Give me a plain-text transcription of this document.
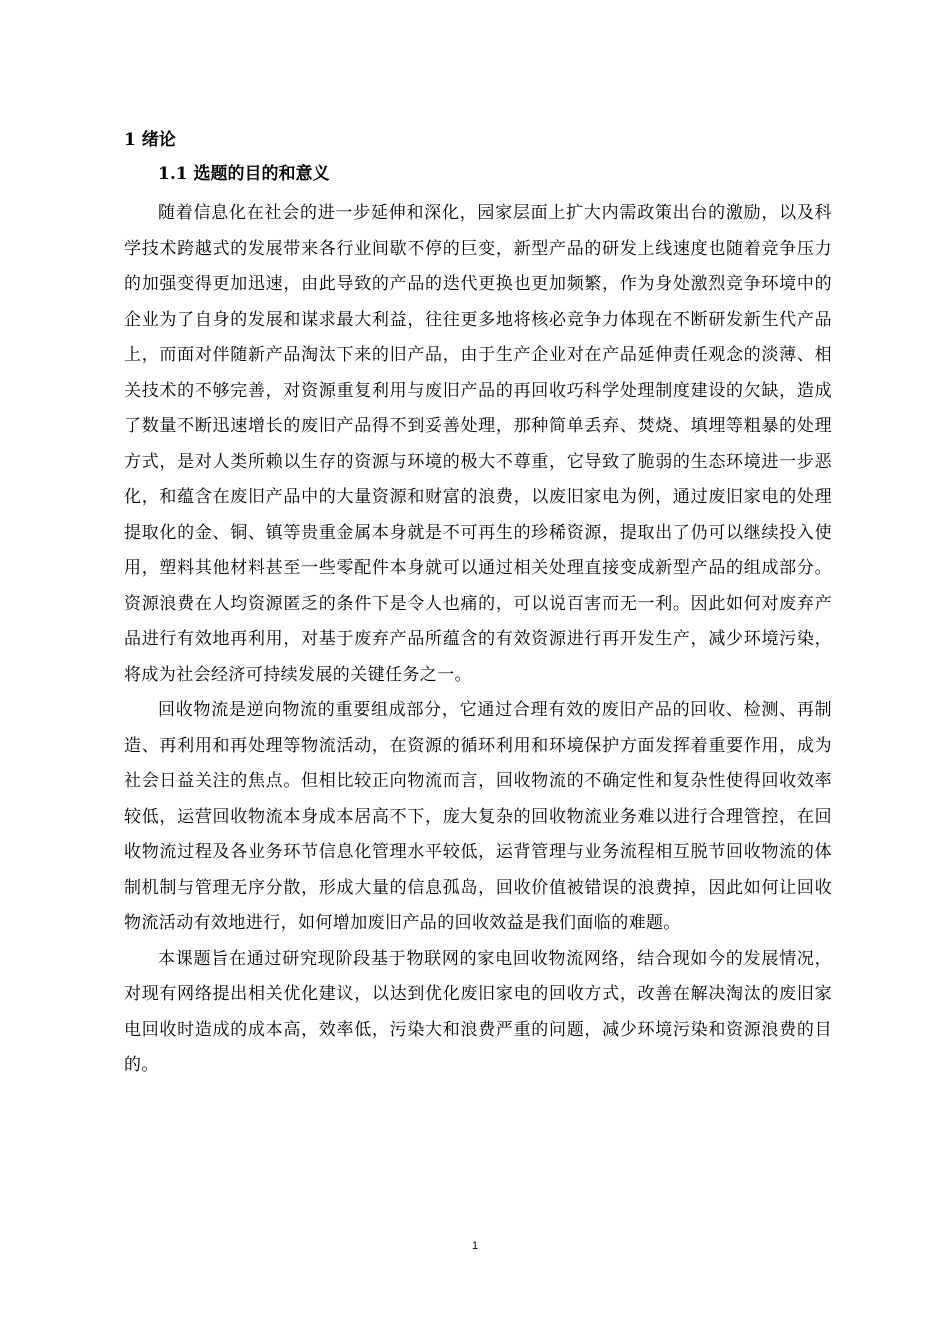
1 绪论
1.1 选题的目的和意义

随着信息化在社会的进一步延伸和深化，园家层面上扩大内需政策出台的激励，以及科学技术跨越式的发展带来各行业间歇不停的巨变，新型产品的研发上线速度也随着竞争压力的加强变得更加迅速，由此导致的产品的迭代更换也更加频繁，作为身处激烈竞争环境中的企业为了自身的发展和谋求最大利益，往往更多地将核必竞争力体现在不断研发新生代产品上，而面对伴随新产品淘汰下来的旧产品，由于生产企业对在产品延伸责任观念的淡薄、相关技术的不够完善，对资源重复利用与废旧产品的再回收巧科学处理制度建设的欠缺，造成了数量不断迅速增长的废旧产品得不到妥善处理，那种简单丢弃、焚烧、填埋等粗暴的处理方式，是对人类所赖以生存的资源与环境的极大不尊重，它导致了脆弱的生态环境进一步恶化，和蕴含在废旧产品中的大量资源和财富的浪费，以废旧家电为例，通过废旧家电的处理提取化的金、铜、镇等贵重金属本身就是不可再生的珍稀资源，提取出了仍可以继续投入使用，塑料其他材料甚至一些零配件本身就可以通过相关处理直接变成新型产品的组成部分。资源浪费在人均资源匿乏的条件下是令人也痛的，可以说百害而无一利。因此如何对废弃产品进行有效地再利用，对基于废弃产品所蕴含的有效资源进行再开发生产，减少环境污染，将成为社会经济可持续发展的关键任务之一。

回收物流是逆向物流的重要组成部分，它通过合理有效的废旧产品的回收、检测、再制造、再利用和再处理等物流活动，在资源的循环利用和环境保护方面发挥着重要作用，成为社会日益关注的焦点。但相比较正向物流而言，回收物流的不确定性和复杂性使得回收效率较低，运营回收物流本身成本居高不下，庞大复杂的回收物流业务难以进行合理管控，在回收物流过程及各业务环节信息化管理水平较低，运背管理与业务流程相互脱节回收物流的体制机制与管理无序分散，形成大量的信息孤岛，回收价值被错误的浪费掉，因此如何让回收物流活动有效地进行，如何增加废旧产品的回收效益是我们面临的难题。

本课题旨在通过研究现阶段基于物联网的家电回收物流网络，结合现如今的发展情况，对现有网络提出相关优化建议，以达到优化废旧家电的回收方式，改善在解决淘汰的废旧家电回收时造成的成本高，效率低，污染大和浪费严重的问题，减少环境污染和资源浪费的目的。

1
